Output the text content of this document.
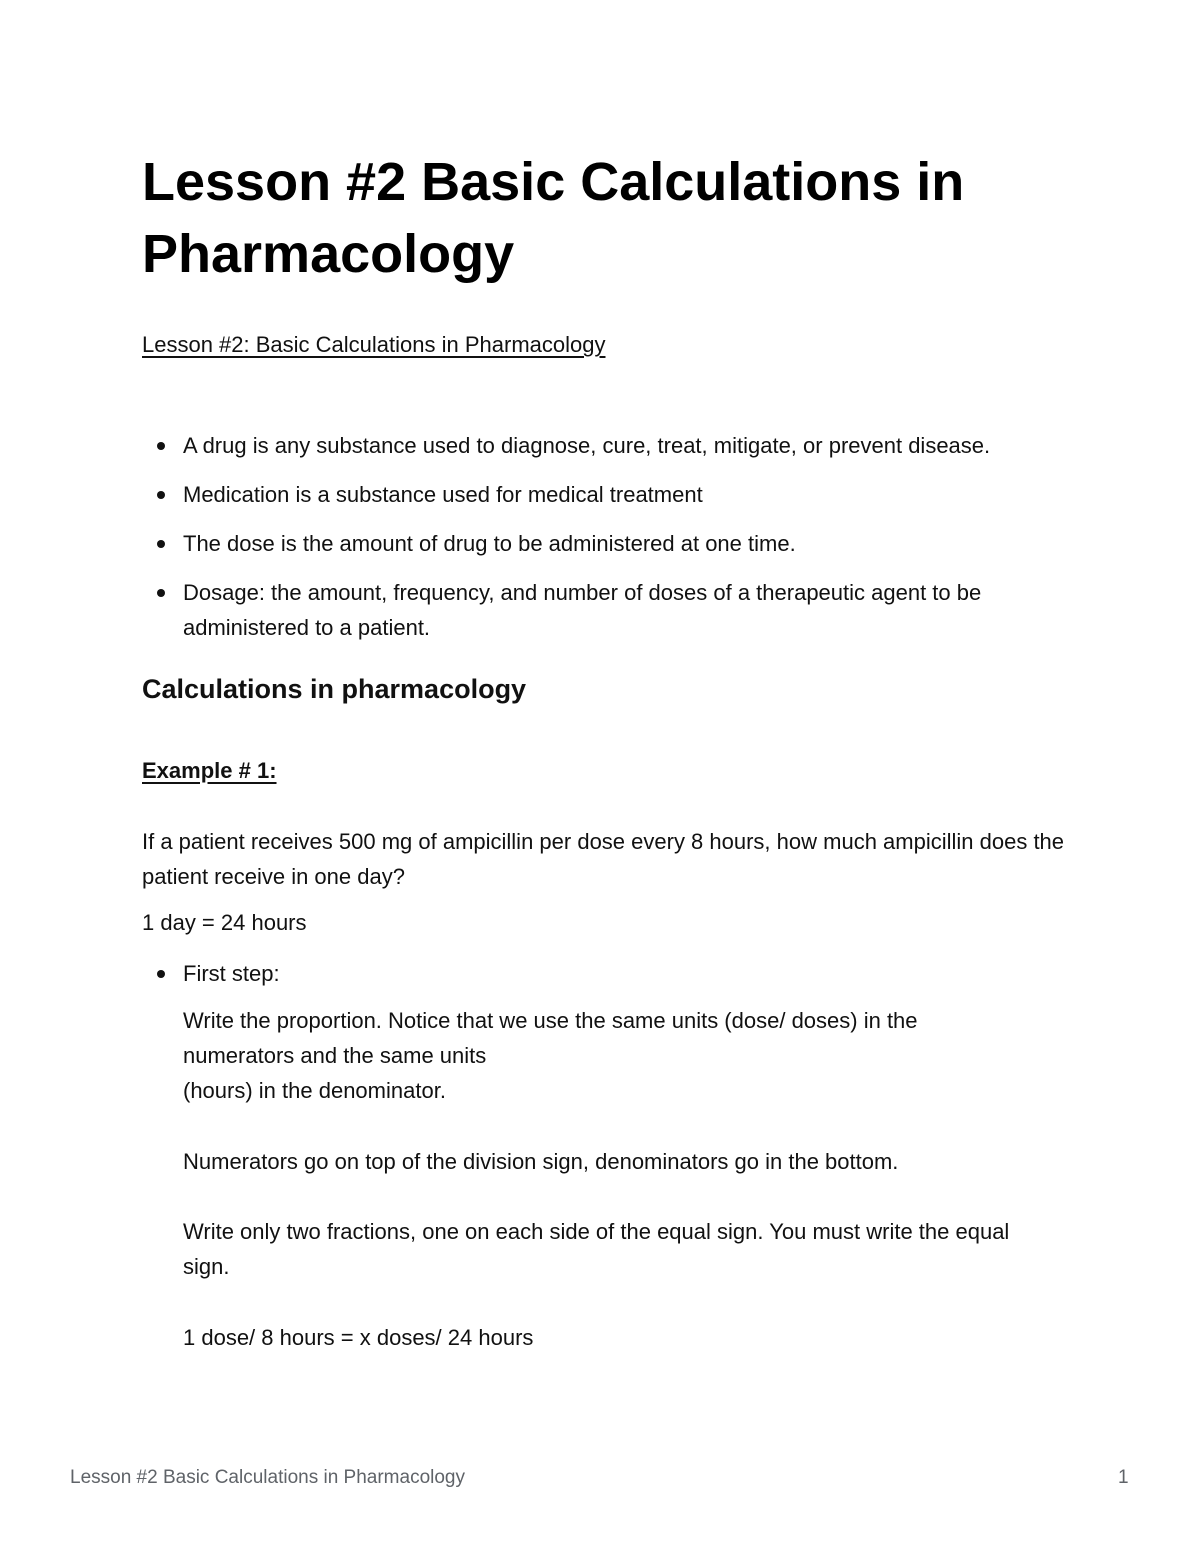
Lesson #2 Basic Calculations in Pharmacology

Lesson #2: Basic Calculations in Pharmacology

A drug is any substance used to diagnose, cure, treat, mitigate, or prevent disease.
Medication is a substance used for medical treatment
The dose is the amount of drug to be administered at one time.
Dosage: the amount, frequency, and number of doses of a therapeutic agent to be administered to a patient.
Calculations in pharmacology

Example # 1:

If a patient receives 500 mg of ampicillin per dose every 8 hours, how much ampicillin does the patient receive in one day?

1 day = 24 hours

First step:
Write the proportion. Notice that we use the same units (dose/ doses) in the
numerators and the same units
(hours) in the denominator.

Numerators go on top of the division sign, denominators go in the bottom.

Write only two fractions, one on each side of the equal sign. You must write the equal sign.

1 dose/ 8 hours = x doses/ 24 hours

Lesson #2 Basic Calculations in Pharmacology	1
